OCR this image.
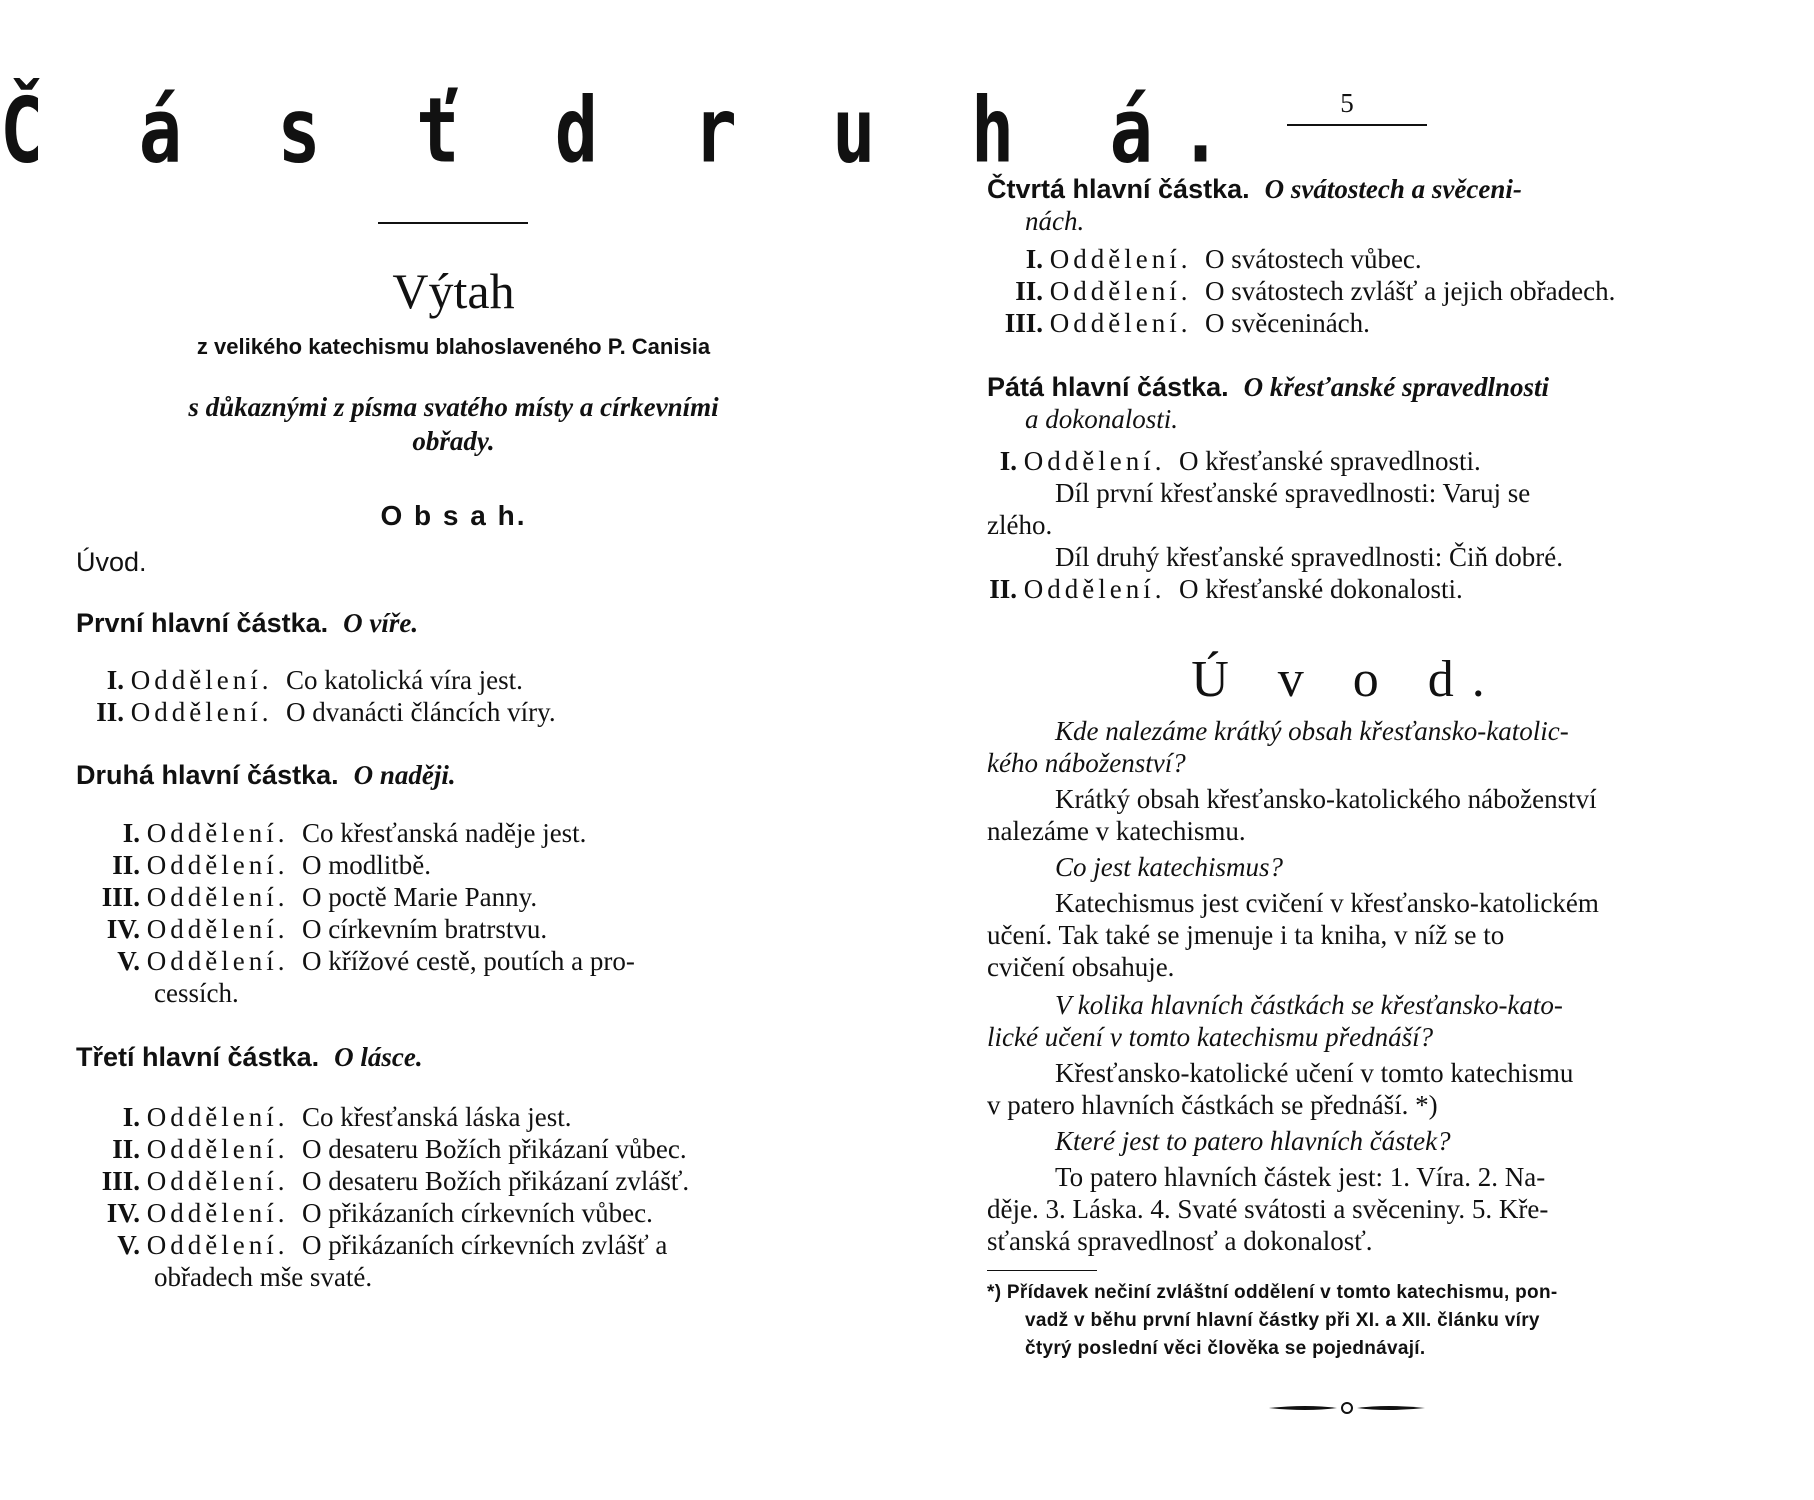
Č á s ť d r u h á.
Výtah
z velikého katechismu blahoslaveného P. Canisia
s důkaznými z písma svatého místy a církevními
obřady.
O b s a h.
Úvod.
První hlavní částka. O víře.
I. Oddělení. Co katolická víra jest.
II. Oddělení. O dvanácti článcích víry.
Druhá hlavní částka. O naději.
I. Oddělení. Co křesťanská naděje jest.
II. Oddělení. O modlitbě.
III. Oddělení. O poctě Marie Panny.
IV. Oddělení. O církevním bratrstvu.
V. Oddělení. O křížové cestě, poutích a pro-
cessích.
Třetí hlavní částka. O lásce.
I. Oddělení. Co křesťanská láska jest.
II. Oddělení. O desateru Božích přikázaní vůbec.
III. Oddělení. O desateru Božích přikázaní zvlášť.
IV. Oddělení. O přikázaních církevních vůbec.
V. Oddělení. O přikázaních církevních zvlášť a
obřadech mše svaté.
5
Čtvrtá hlavní částka. O svátostech a svěceni-
nách.
I. Oddělení. O svátostech vůbec.
II. Oddělení. O svátostech zvlášť a jejich obřadech.
III. Oddělení. O svěceninách.
Pátá hlavní částka. O křesťanské spravedlnosti
a dokonalosti.
I. Oddělení. O křesťanské spravedlnosti.
Díl první křesťanské spravedlnosti: Varuj se
zlého.
Díl druhý křesťanské spravedlnosti: Čiň dobré.
II. Oddělení. O křesťanské dokonalosti.
Ú v o d.
Kde nalezáme krátký obsah křesťansko-katolic-
kého náboženství?
Krátký obsah křesťansko-katolického náboženství
nalezáme v katechismu.
Co jest katechismus?
Katechismus jest cvičení v křesťansko-katolickém
učení. Tak také se jmenuje i ta kniha, v níž se to
cvičení obsahuje.
V kolika hlavních částkách se křesťansko-kato-
lické učení v tomto katechismu přednáší?
Křesťansko-katolické učení v tomto katechismu
v patero hlavních částkách se přednáší. *)
Které jest to patero hlavních částek?
To patero hlavních částek jest: 1. Víra. 2. Na-
děje. 3. Láska. 4. Svaté svátosti a svěceniny. 5. Kře-
sťanská spravedlnosť a dokonalosť.
*) Přídavek nečiní zvláštní oddělení v tomto katechismu, pon-
vadž v běhu první hlavní částky při XI. a XII. článku víry
čtyrý poslední věci člověka se pojednávají.
